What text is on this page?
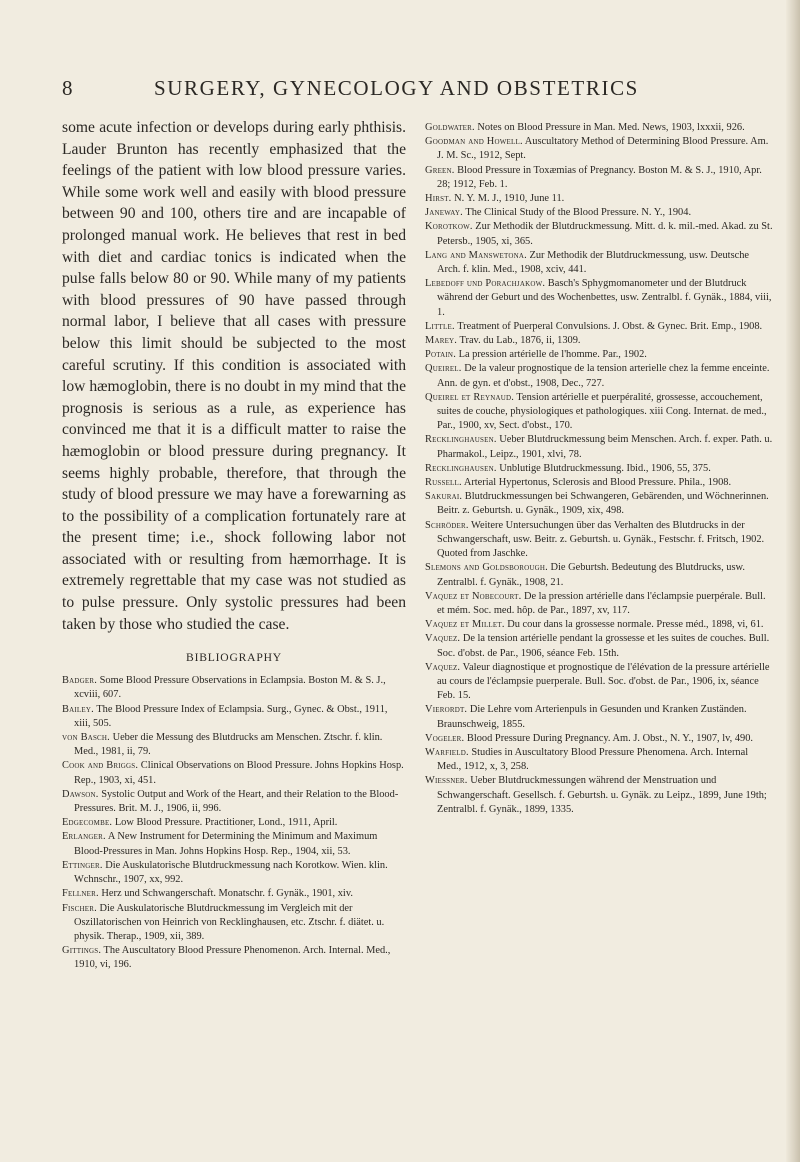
8	SURGERY, GYNECOLOGY AND OBSTETRICS

some acute infection or develops during early phthisis. Lauder Brunton has recently emphasized that the feelings of the patient with low blood pressure varies. While some work well and easily with blood pressure between 90 and 100, others tire and are incapable of prolonged manual work. He believes that rest in bed with diet and cardiac tonics is indicated when the pulse falls below 80 or 90. While many of my patients with blood pressures of 90 have passed through normal labor, I believe that all cases with pressure below this limit should be subjected to the most careful scrutiny. If this condition is associated with low hæmoglobin, there is no doubt in my mind that the prognosis is serious as a rule, as experience has convinced me that it is a difficult matter to raise the hæmoglobin or blood pressure during pregnancy. It seems highly probable, therefore, that through the study of blood pressure we may have a forewarning as to the possibility of a complication fortunately rare at the present time; i.e., shock following labor not associated with or resulting from hæmorrhage. It is extremely regrettable that my case was not studied as to pulse pressure. Only systolic pressures had been taken by those who studied the case.

BIBLIOGRAPHY

Badger. Some Blood Pressure Observations in Eclampsia. Boston M. & S. J., xcviii, 607.

Bailey. The Blood Pressure Index of Eclampsia. Surg., Gynec. & Obst., 1911, xiii, 505.

von Basch. Ueber die Messung des Blutdrucks am Menschen. Ztschr. f. klin. Med., 1981, ii, 79.

Cook and Briggs. Clinical Observations on Blood Pressure. Johns Hopkins Hosp. Rep., 1903, xi, 451.

Dawson. Systolic Output and Work of the Heart, and their Relation to the Blood-Pressures. Brit. M. J., 1906, ii, 996.

Edgecombe. Low Blood Pressure. Practitioner, Lond., 1911, April.

Erlanger. A New Instrument for Determining the Minimum and Maximum Blood-Pressures in Man. Johns Hopkins Hosp. Rep., 1904, xii, 53.

Ettinger. Die Auskulatorische Blutdruckmessung nach Korotkow. Wien. klin. Wchnschr., 1907, xx, 992.

Fellner. Herz und Schwangerschaft. Monatschr. f. Gynäk., 1901, xiv.

Fischer. Die Auskulatorische Blutdruckmessung im Vergleich mit der Oszillatorischen von Heinrich von Recklinghausen, etc. Ztschr. f. diätet. u. physik. Therap., 1909, xii, 389.

Gittings. The Auscultatory Blood Pressure Phenomenon. Arch. Internal. Med., 1910, vi, 196.

Goldwater. Notes on Blood Pressure in Man. Med. News, 1903, lxxxii, 926.

Goodman and Howell. Auscultatory Method of Determining Blood Pressure. Am. J. M. Sc., 1912, Sept.

Green. Blood Pressure in Toxæmias of Pregnancy. Boston M. & S. J., 1910, Apr. 28; 1912, Feb. 1.

Hirst. N. Y. M. J., 1910, June 11.

Janeway. The Clinical Study of the Blood Pressure. N. Y., 1904.

Korotkow. Zur Methodik der Blutdruckmessung. Mitt. d. k. mil.-med. Akad. zu St. Petersb., 1905, xi, 365.

Lang and Manswetona. Zur Methodik der Blutdruckmessung, usw. Deutsche Arch. f. klin. Med., 1908, xciv, 441.

Lebedoff und Porachjakow. Basch's Sphygmomanometer und der Blutdruck während der Geburt und des Wochenbettes, usw. Zentralbl. f. Gynäk., 1884, viii, 1.

Little. Treatment of Puerperal Convulsions. J. Obst. & Gynec. Brit. Emp., 1908.

Marey. Trav. du Lab., 1876, ii, 1309.

Potain. La pression artérielle de l'homme. Par., 1902.

Queirel. De la valeur prognostique de la tension arterielle chez la femme enceinte. Ann. de gyn. et d'obst., 1908, Dec., 727.

Queirel et Reynaud. Tension artérielle et puerpéralité, grossesse, accouchement, suites de couche, physiologiques et pathologiques. xiii Cong. Internat. de med., Par., 1900, xv, Sect. d'obst., 170.

Recklinghausen. Ueber Blutdruckmessung beim Menschen. Arch. f. exper. Path. u. Pharmakol., Leipz., 1901, xlvi, 78.

Recklinghausen. Unblutige Blutdruckmessung. Ibid., 1906, 55, 375.

Russell. Arterial Hypertonus, Sclerosis and Blood Pressure. Phila., 1908.

Sakurai. Blutdruckmessungen bei Schwangeren, Gebärenden, und Wöchnerinnen. Beitr. z. Geburtsh. u. Gynäk., 1909, xix, 498.

Schröder. Weitere Untersuchungen über das Verhalten des Blutdrucks in der Schwangerschaft, usw. Beitr. z. Geburtsh. u. Gynäk., Festschr. f. Fritsch, 1902. Quoted from Jaschke.

Slemons and Goldsborough. Die Geburtsh. Bedeutung des Blutdrucks, usw. Zentralbl. f. Gynäk., 1908, 21.

Vaquez et Nobecourt. De la pression artérielle dans l'éclampsie puerpérale. Bull. et mém. Soc. med. hôp. de Par., 1897, xv, 117.

Vaquez et Millet. Du cour dans la grossesse normale. Presse méd., 1898, vi, 61.

Vaquez. De la tension artérielle pendant la grossesse et les suites de couches. Bull. Soc. d'obst. de Par., 1906, séance Feb. 15th.

Vaquez. Valeur diagnostique et prognostique de l'élévation de la pressure artérielle au cours de l'éclampsie puerperale. Bull. Soc. d'obst. de Par., 1906, ix, séance Feb. 15.

Vierordt. Die Lehre vom Arterienpuls in Gesunden und Kranken Zuständen. Braunschweig, 1855.

Vogeler. Blood Pressure During Pregnancy. Am. J. Obst., N. Y., 1907, lv, 490.

Warfield. Studies in Auscultatory Blood Pressure Phenomena. Arch. Internal Med., 1912, x, 3, 258.

Wiessner. Ueber Blutdruckmessungen während der Menstruation und Schwangerschaft. Gesellsch. f. Geburtsh. u. Gynäk. zu Leipz., 1899, June 19th; Zentralbl. f. Gynäk., 1899, 1335.
